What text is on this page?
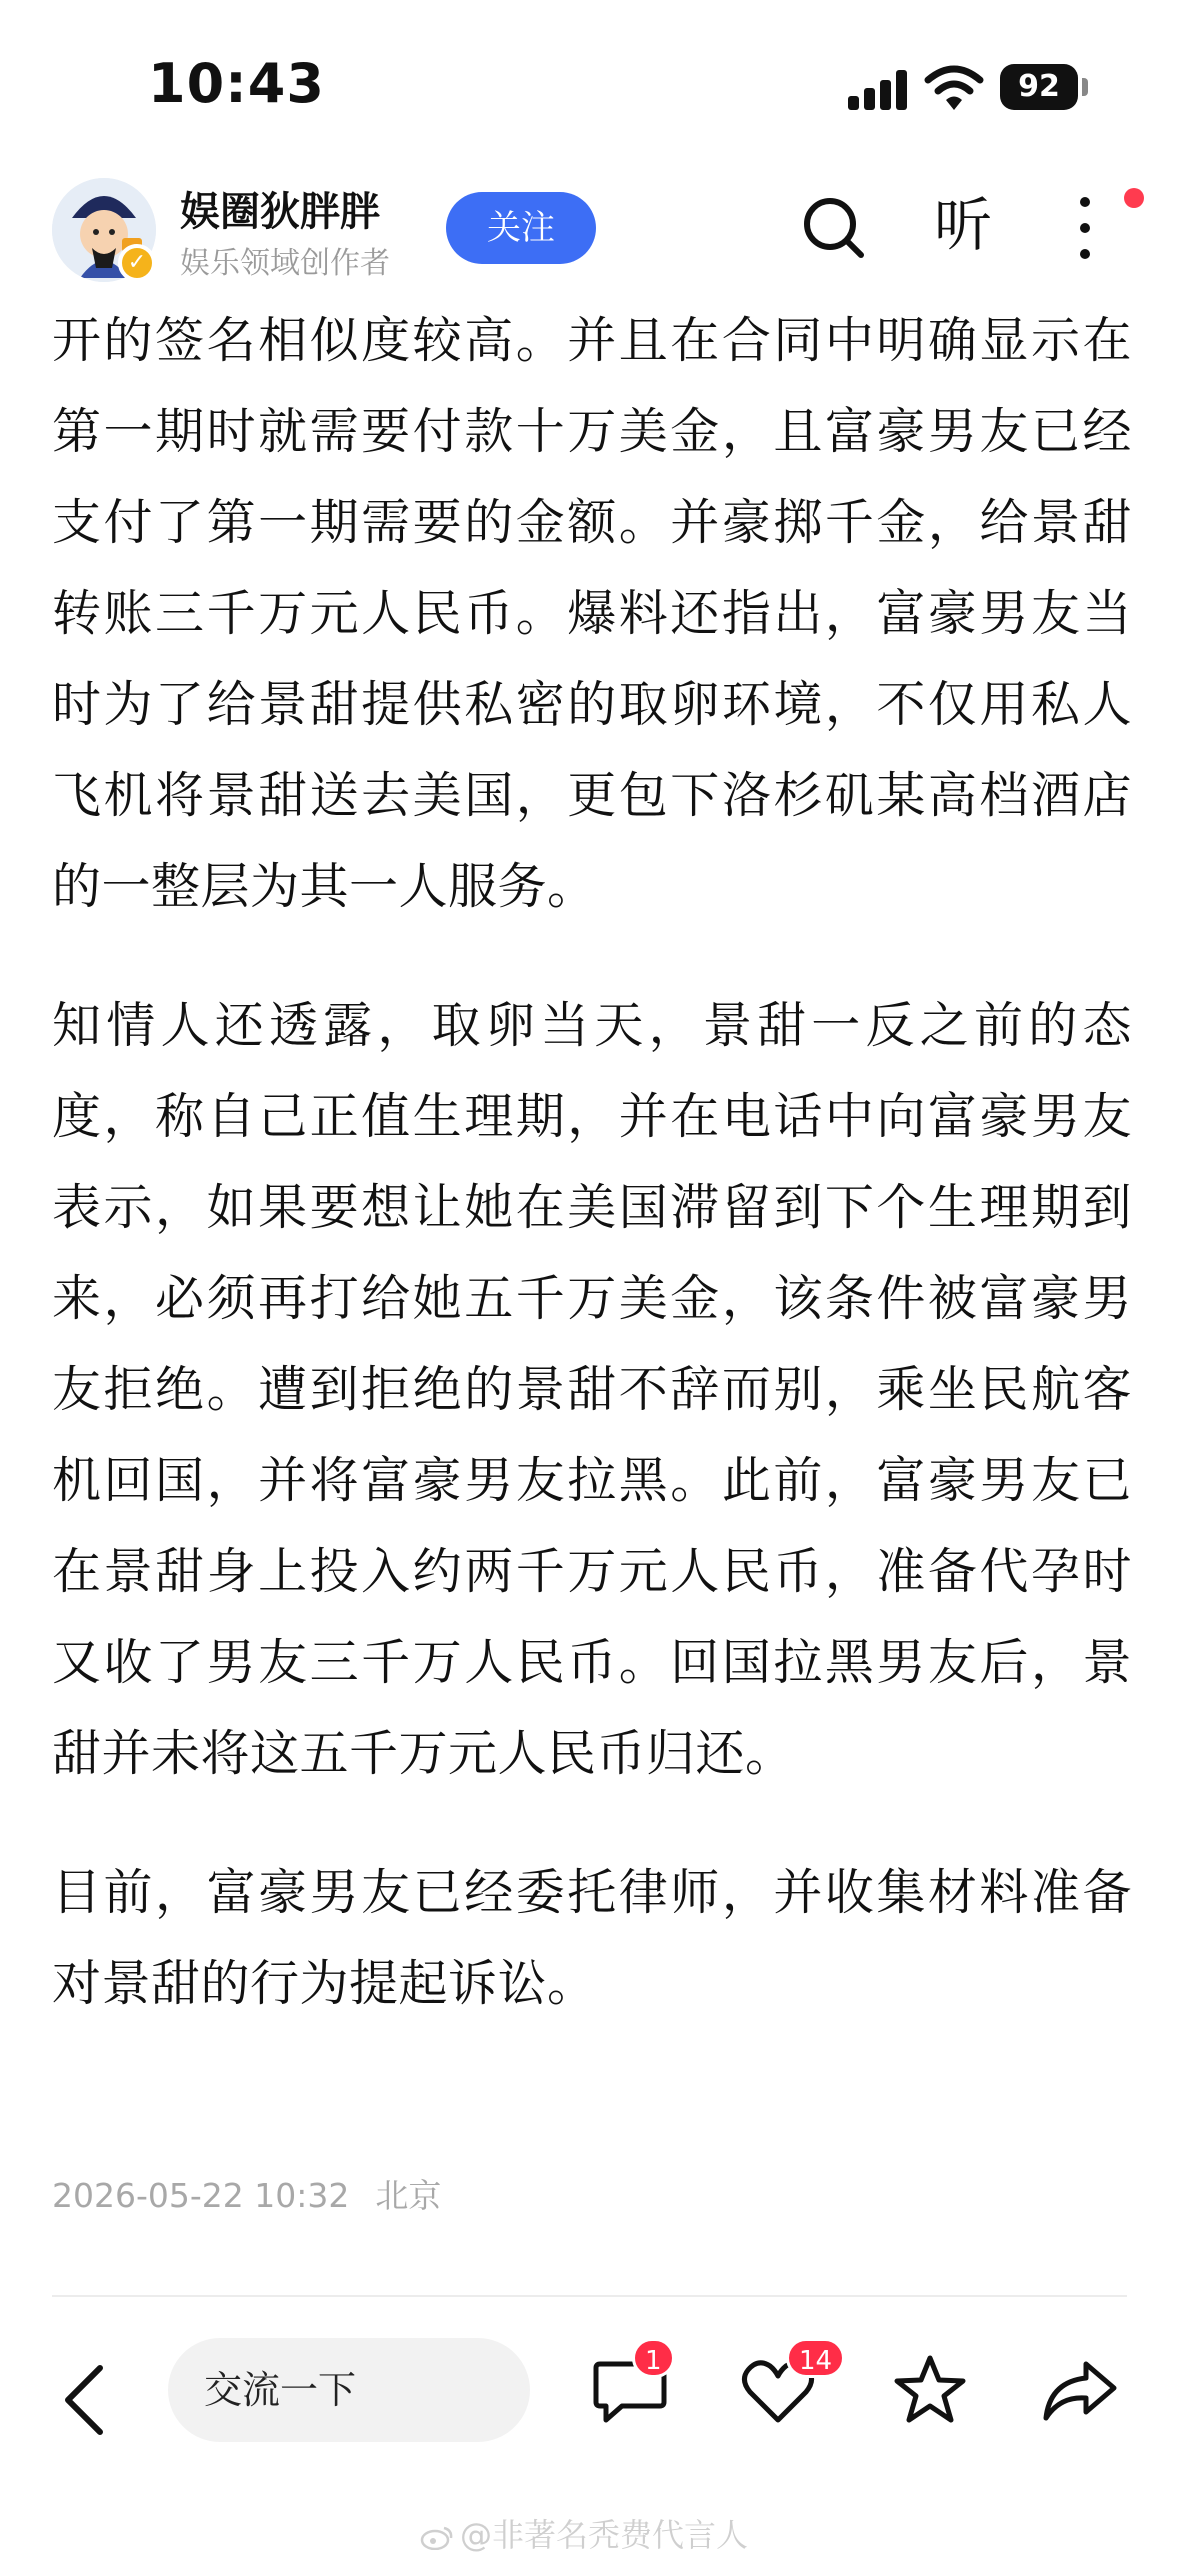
10:43	92
✓
娱圈狄胖胖
娱乐领域创作者
关注	听

开的签名相似度较高。并且在合同中明确显示在第一期时就需要付款十万美金，且富豪男友已经支付了第一期需要的金额。并豪掷千金，给景甜转账三千万元人民币。爆料还指出，富豪男友当时为了给景甜提供私密的取卵环境，不仅用私人飞机将景甜送去美国，更包下洛杉矶某高档酒店的一整层为其一人服务。

知情人还透露，取卵当天，景甜一反之前的态度，称自己正值生理期，并在电话中向富豪男友表示，如果要想让她在美国滞留到下个生理期到来，必须再打给她五千万美金，该条件被富豪男友拒绝。遭到拒绝的景甜不辞而别，乘坐民航客机回国，并将富豪男友拉黑。此前，富豪男友已在景甜身上投入约两千万元人民币，准备代孕时又收了男友三千万人民币。回国拉黑男友后，景甜并未将这五千万元人民币归还。

目前，富豪男友已经委托律师，并收集材料准备对景甜的行为提起诉讼。

2026-05-22 10:32 北京
交流一下
1	14
@非著名秃费代言人
